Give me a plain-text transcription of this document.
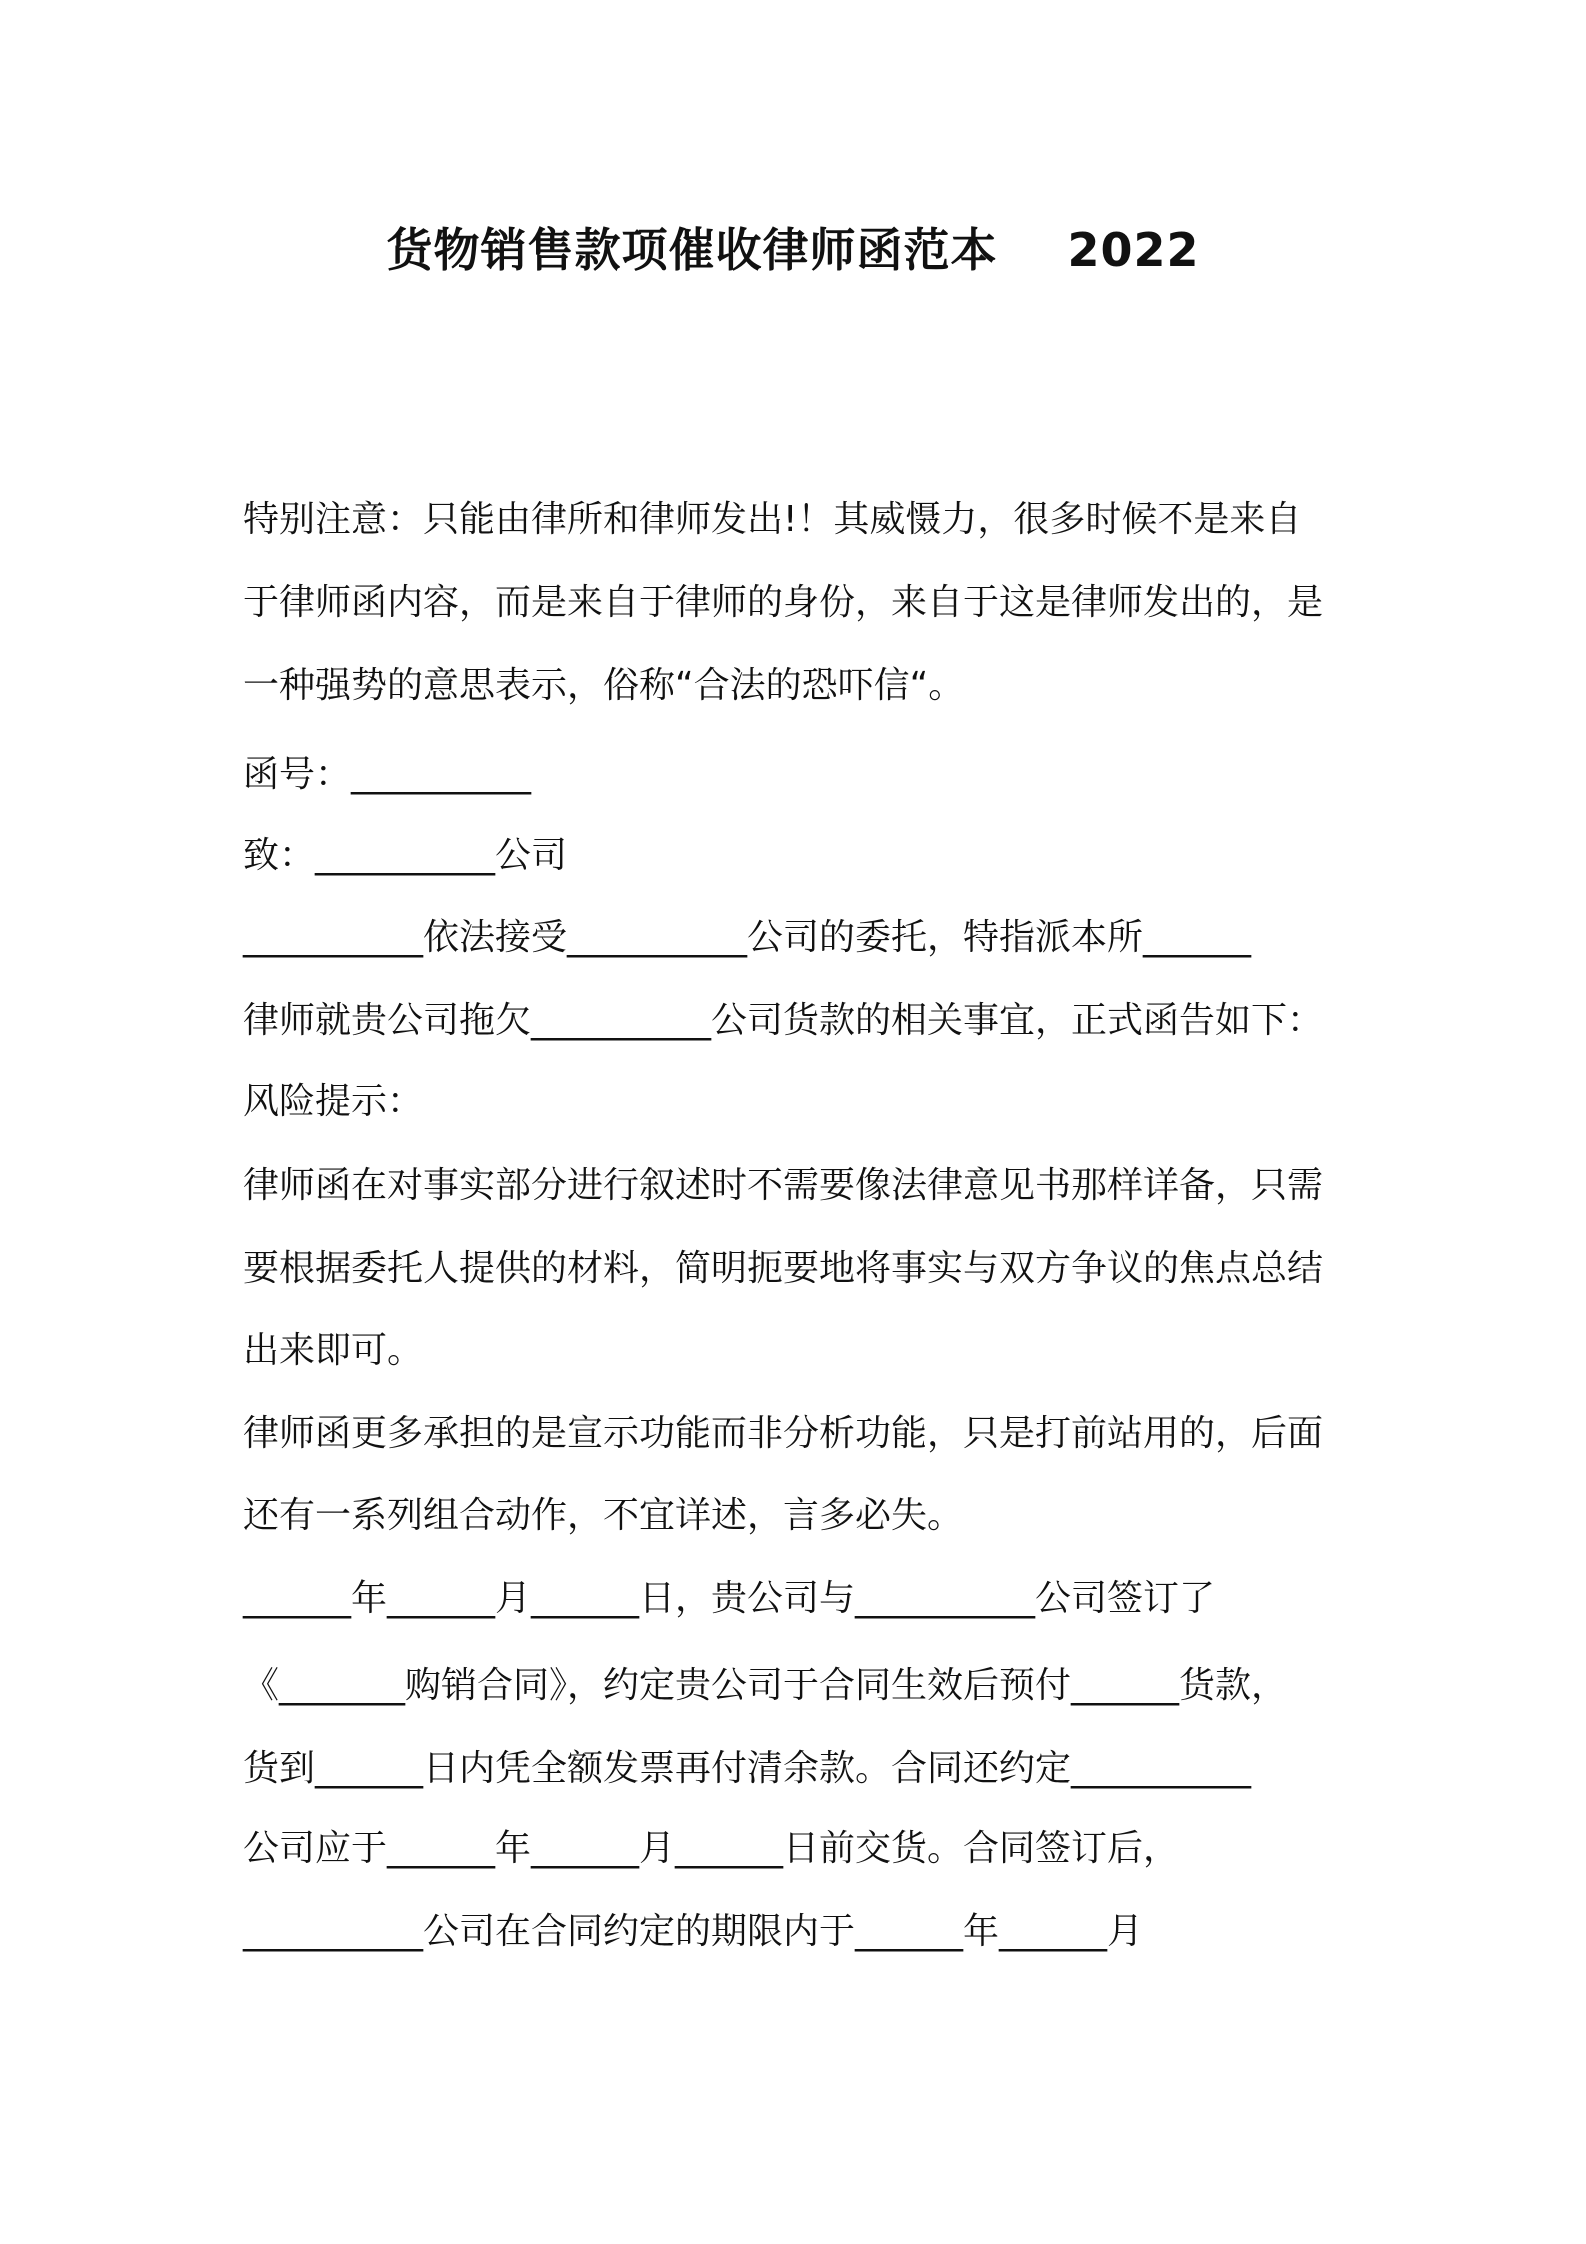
货物销售款项催收律师函范本 2022
特别注意：只能由律所和律师发出!！其威慑力，很多时候不是来自
于律师函内容，而是来自于律师的身份，来自于这是律师发出的，是
一种强势的意思表示，俗称“合法的恐吓信“。
函号：__________
致：__________公司
__________依法接受__________公司的委托，特指派本所______
律师就贵公司拖欠__________公司货款的相关事宜，正式函告如下：
风险提示：
律师函在对事实部分进行叙述时不需要像法律意见书那样详备，只需
要根据委托人提供的材料，简明扼要地将事实与双方争议的焦点总结
出来即可。
律师函更多承担的是宣示功能而非分析功能，只是打前站用的，后面
还有一系列组合动作，不宜详述，言多必失。
______年______月______日，贵公司与__________公司签订了
《_______购销合同》，约定贵公司于合同生效后预付______货款，
货到______日内凭全额发票再付清余款。合同还约定__________
公司应于______年______月______日前交货。合同签订后，
__________公司在合同约定的期限内于______年______月
